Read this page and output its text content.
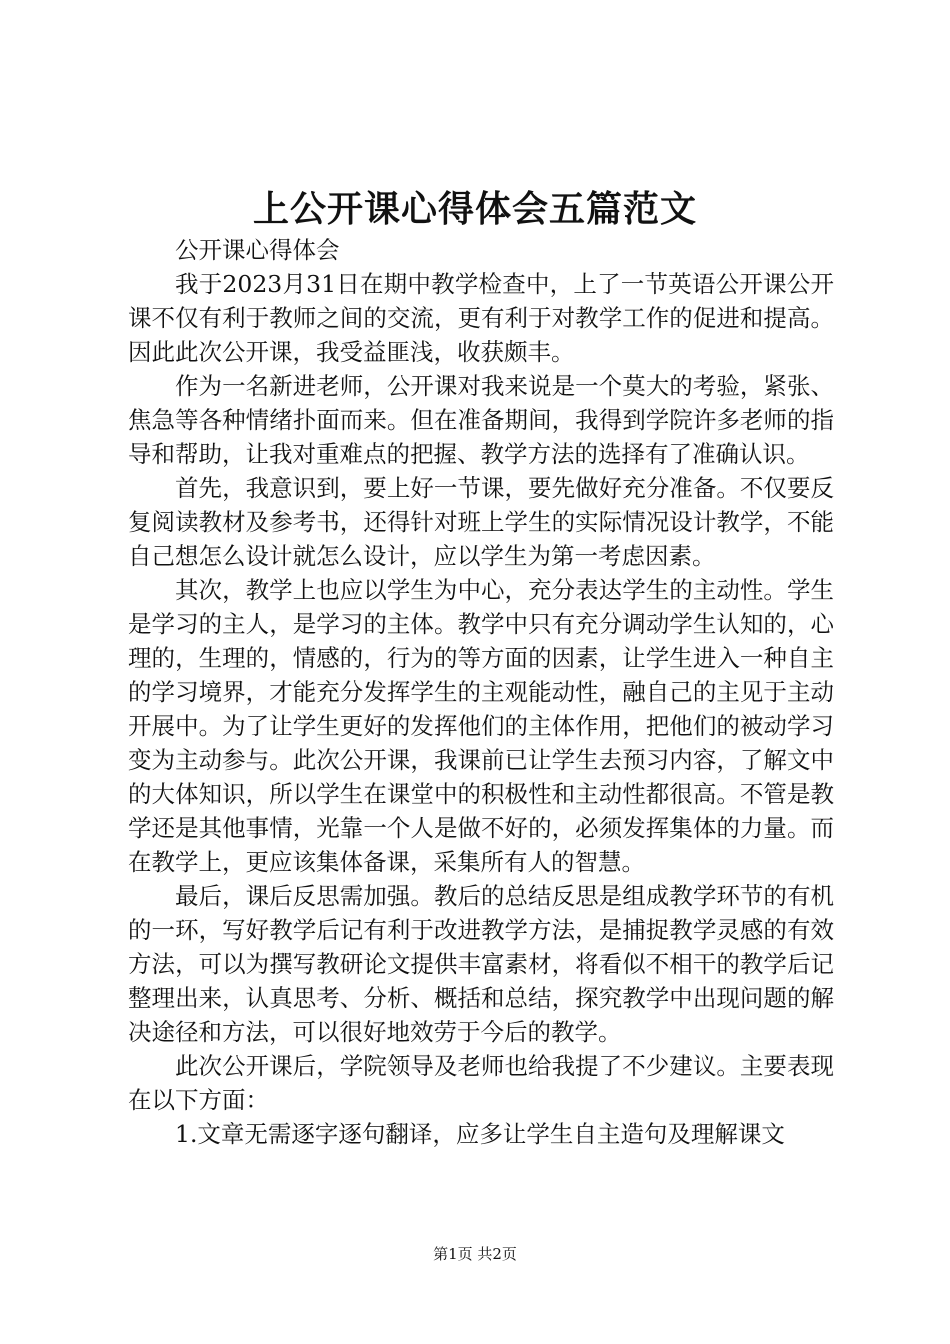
上公开课心得体会五篇范文

公开课心得体会

我于2023月31日在期中教学检查中，上了一节英语公开课公开课不仅有利于教师之间的交流，更有利于对教学工作的促进和提高。因此此次公开课，我受益匪浅，收获颇丰。

作为一名新进老师，公开课对我来说是一个莫大的考验，紧张、焦急等各种情绪扑面而来。但在准备期间，我得到学院许多老师的指导和帮助，让我对重难点的把握、教学方法的选择有了准确认识。

首先，我意识到，要上好一节课，要先做好充分准备。不仅要反复阅读教材及参考书，还得针对班上学生的实际情况设计教学，不能自己想怎么设计就怎么设计，应以学生为第一考虑因素。

其次，教学上也应以学生为中心，充分表达学生的主动性。学生是学习的主人，是学习的主体。教学中只有充分调动学生认知的，心理的，生理的，情感的，行为的等方面的因素，让学生进入一种自主的学习境界，才能充分发挥学生的主观能动性，融自己的主见于主动开展中。为了让学生更好的发挥他们的主体作用，把他们的被动学习变为主动参与。此次公开课，我课前已让学生去预习内容，了解文中的大体知识，所以学生在课堂中的积极性和主动性都很高。不管是教学还是其他事情，光靠一个人是做不好的，必须发挥集体的力量。而在教学上，更应该集体备课，采集所有人的智慧。

最后，课后反思需加强。教后的总结反思是组成教学环节的有机的一环，写好教学后记有利于改进教学方法，是捕捉教学灵感的有效方法，可以为撰写教研论文提供丰富素材，将看似不相干的教学后记整理出来，认真思考、分析、概括和总结，探究教学中出现问题的解决途径和方法，可以很好地效劳于今后的教学。

此次公开课后，学院领导及老师也给我提了不少建议。主要表现在以下方面：

1.文章无需逐字逐句翻译，应多让学生自主造句及理解课文

第1页 共2页
